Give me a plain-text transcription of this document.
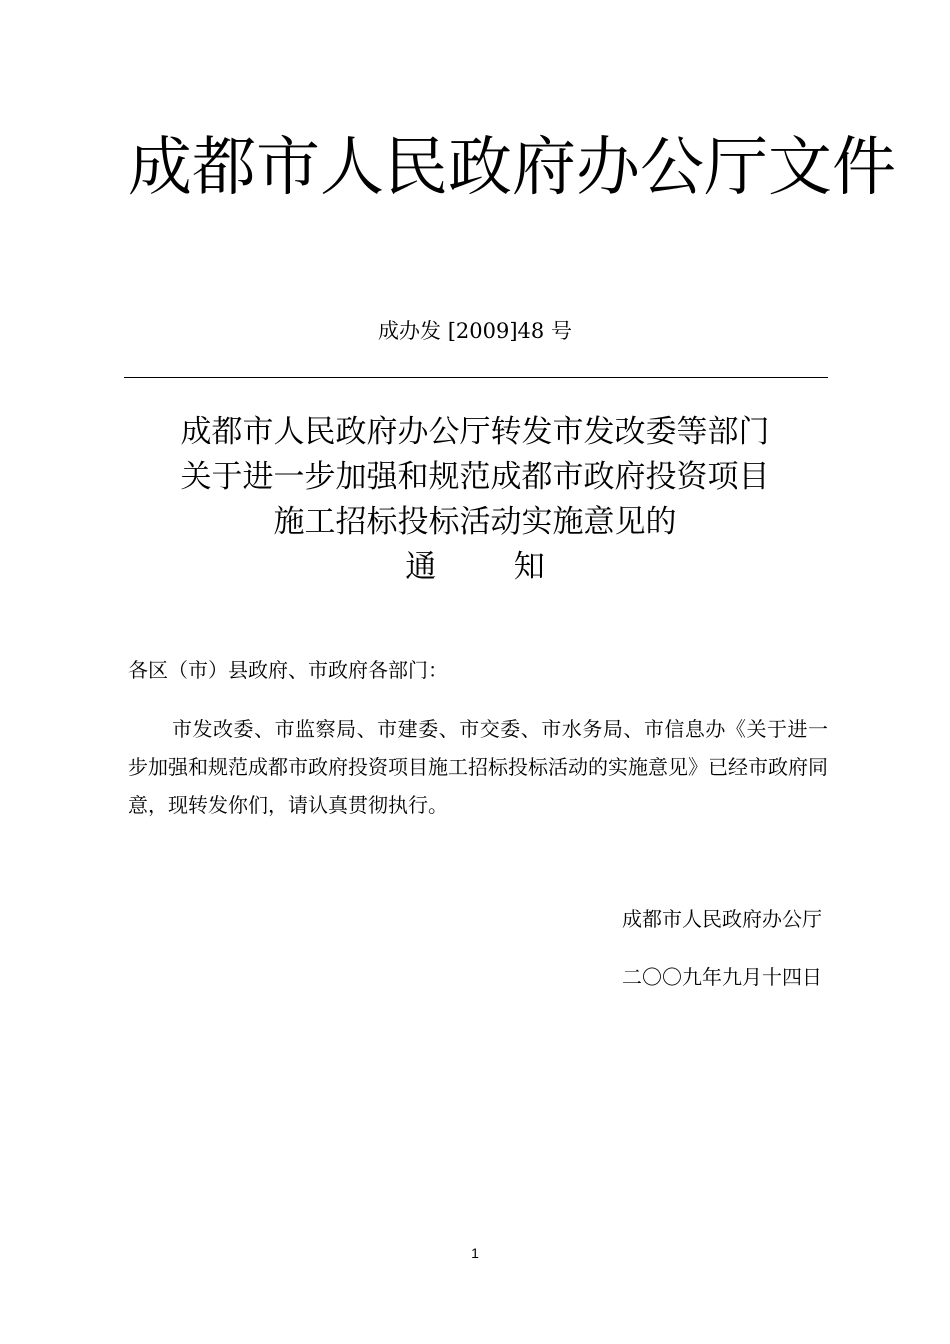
成都市人民政府办公厅文件
成办发 [2009]48 号
成都市人民政府办公厅转发市发改委等部门
关于进一步加强和规范成都市政府投资项目
施工招标投标活动实施意见的
通知
各区（市）县政府、市政府各部门：
市发改委、市监察局、市建委、市交委、市水务局、市信息办《关于进一步加强和规范成都市政府投资项目施工招标投标活动的实施意见》已经市政府同意，现转发你们，请认真贯彻执行。
成都市人民政府办公厅
二〇〇九年九月十四日
1
